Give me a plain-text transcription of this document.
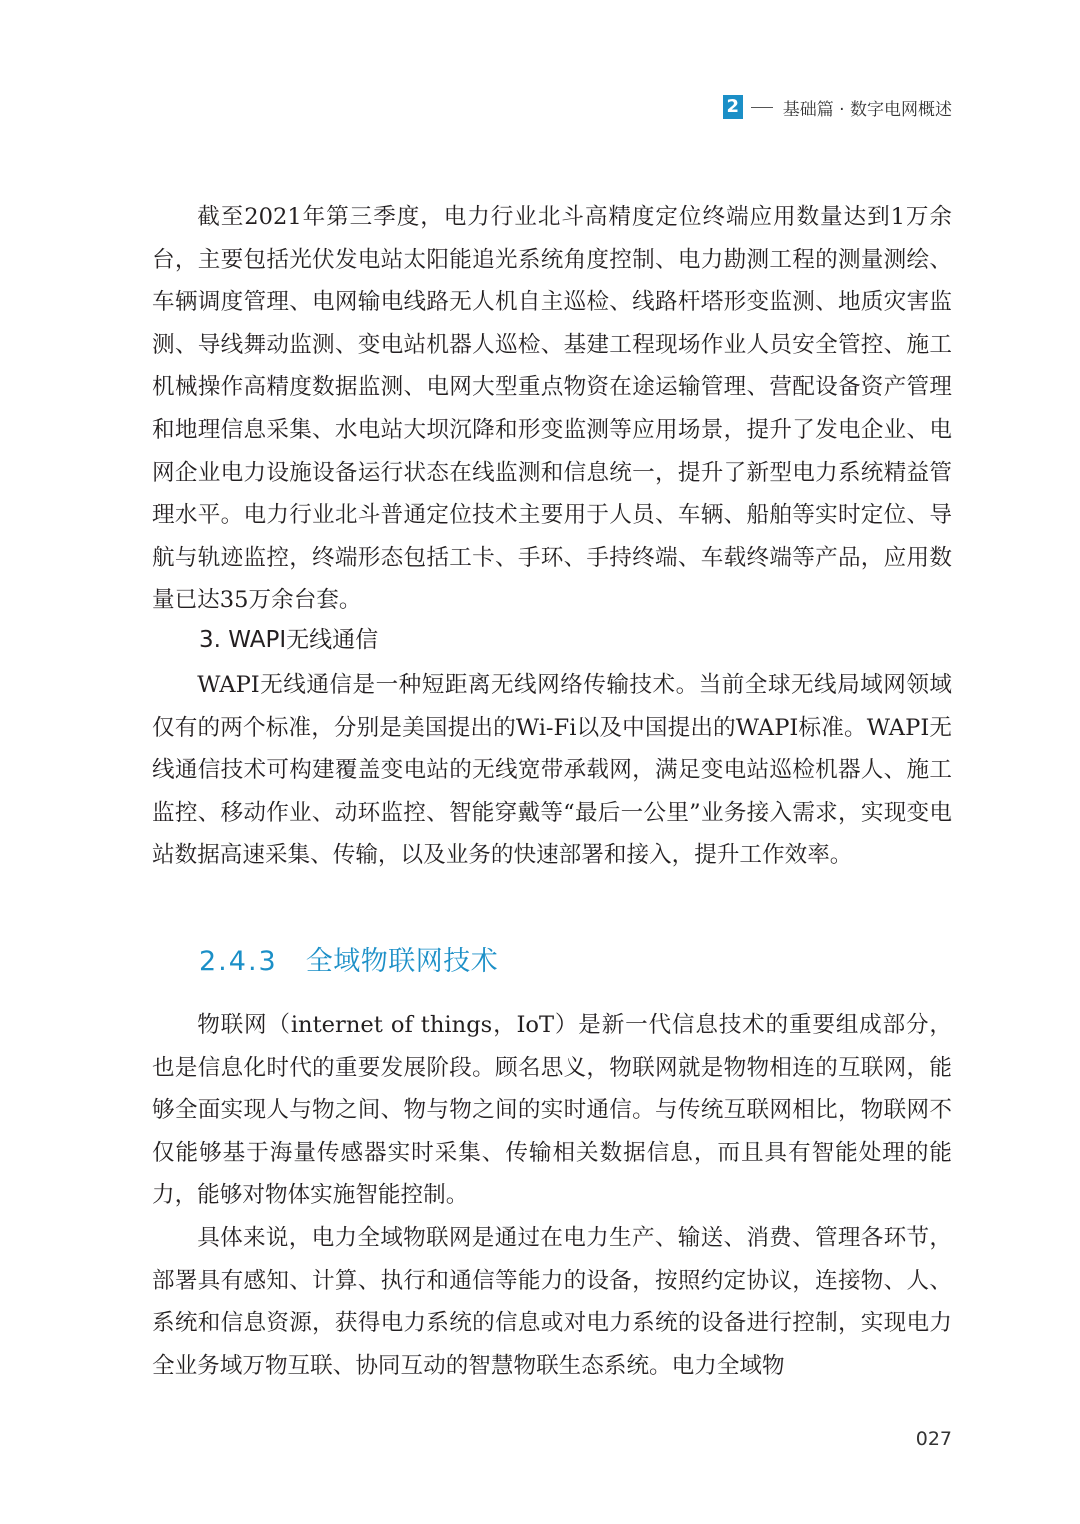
2	基础篇 · 数字电网概述

截至2021年第三季度，电力行业北斗高精度定位终端应用数量达到1万余台，主要包括光伏发电站太阳能追光系统角度控制、电力勘测工程的测量测绘、车辆调度管理、电网输电线路无人机自主巡检、线路杆塔形变监测、地质灾害监测、导线舞动监测、变电站机器人巡检、基建工程现场作业人员安全管控、施工机械操作高精度数据监测、电网大型重点物资在途运输管理、营配设备资产管理和地理信息采集、水电站大坝沉降和形变监测等应用场景，提升了发电企业、电网企业电力设施设备运行状态在线监测和信息统一，提升了新型电力系统精益管理水平。电力行业北斗普通定位技术主要用于人员、车辆、船舶等实时定位、导航与轨迹监控，终端形态包括工卡、手环、手持终端、车载终端等产品，应用数量已达35万余台套。

3. WAPI无线通信

WAPI无线通信是一种短距离无线网络传输技术。当前全球无线局域网领域仅有的两个标准，分别是美国提出的Wi-Fi以及中国提出的WAPI标准。WAPI无线通信技术可构建覆盖变电站的无线宽带承载网，满足变电站巡检机器人、施工监控、移动作业、动环监控、智能穿戴等“最后一公里”业务接入需求，实现变电站数据高速采集、传输，以及业务的快速部署和接入，提升工作效率。

2.4.3 全域物联网技术

物联网（internet of things，IoT）是新一代信息技术的重要组成部分，也是信息化时代的重要发展阶段。顾名思义，物联网就是物物相连的互联网，能够全面实现人与物之间、物与物之间的实时通信。与传统互联网相比，物联网不仅能够基于海量传感器实时采集、传输相关数据信息，而且具有智能处理的能力，能够对物体实施智能控制。

具体来说，电力全域物联网是通过在电力生产、输送、消费、管理各环节，部署具有感知、计算、执行和通信等能力的设备，按照约定协议，连接物、人、系统和信息资源，获得电力系统的信息或对电力系统的设备进行控制，实现电力全业务域万物互联、协同互动的智慧物联生态系统。电力全域物

027
